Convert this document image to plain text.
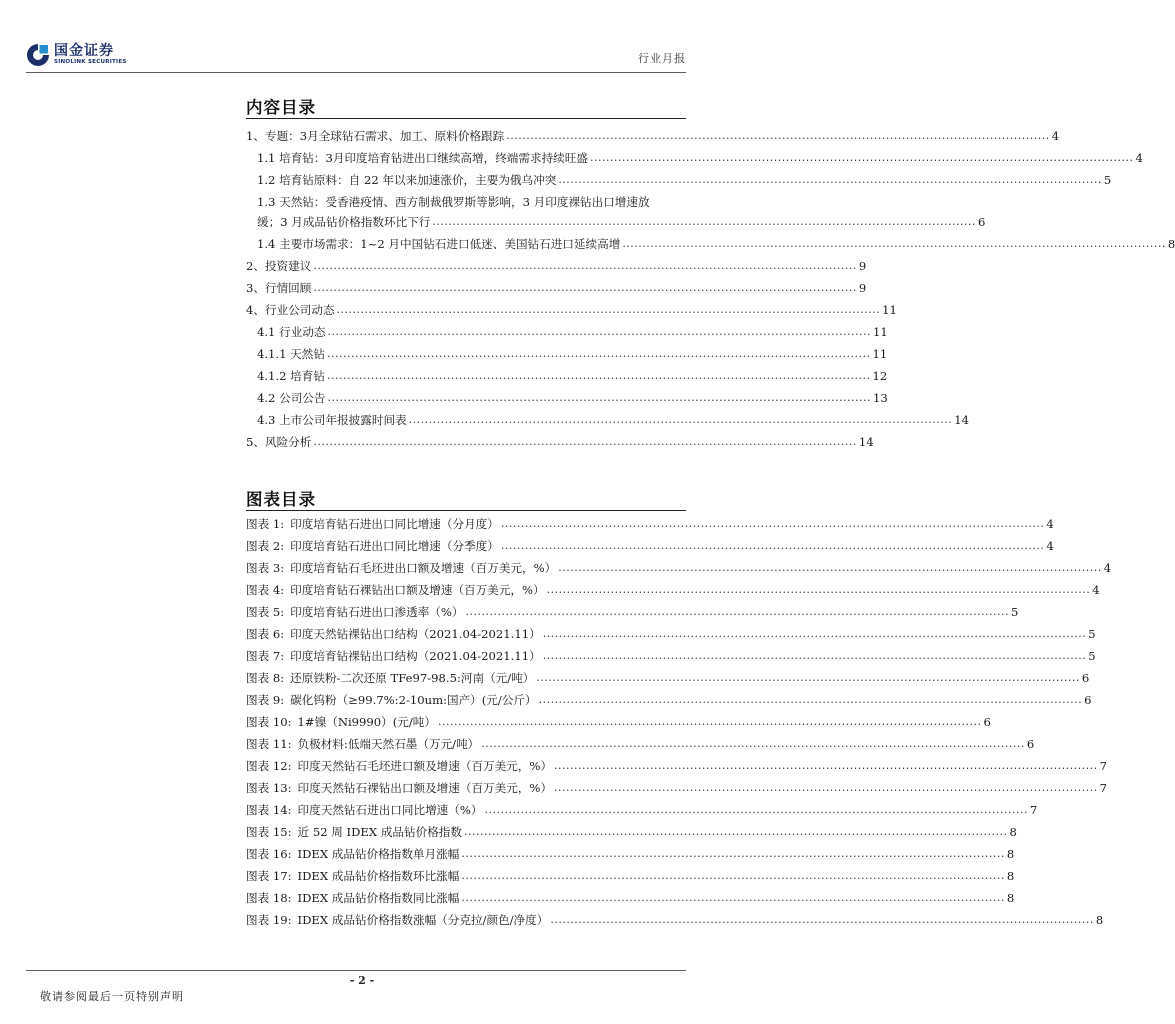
国金证券
SINOLINK SECURITIES	行业月报
内容目录
1、专题：3月全球钻石需求、加工、原料价格跟踪 ........................................................................................................................................ 4
1.1 培育钻：3月印度培育钻进出口继续高增，终端需求持续旺盛 ........................................................................................................................................ 4
1.2 培育钻原料：自 22 年以来加速涨价，主要为俄乌冲突 ........................................................................................................................................ 5
1.3 天然钻：受香港疫情、西方制裁俄罗斯等影响，3 月印度裸钻出口增速放
缓；3 月成品钻价格指数环比下行 ........................................................................................................................................ 6
1.4 主要市场需求：1~2 月中国钻石进口低迷、美国钻石进口延续高增 ........................................................................................................................................ 8
2、投资建议 ........................................................................................................................................ 9
3、行情回顾 ........................................................................................................................................ 9
4、行业公司动态 ........................................................................................................................................ 11
4.1 行业动态 ........................................................................................................................................ 11
4.1.1 天然钻 ........................................................................................................................................ 11
4.1.2 培育钻 ........................................................................................................................................ 12
4.2 公司公告 ........................................................................................................................................ 13
4.3 上市公司年报披露时间表 ........................................................................................................................................ 14
5、风险分析 ........................................................................................................................................ 14
图表目录
图表 1: 印度培育钻石进出口同比增速（分月度） ........................................................................................................................................ 4
图表 2: 印度培育钻石进出口同比增速（分季度） ........................................................................................................................................ 4
图表 3: 印度培育钻石毛坯进出口额及增速（百万美元，%） ........................................................................................................................................ 4
图表 4: 印度培育钻石裸钻出口额及增速（百万美元，%） ........................................................................................................................................ 4
图表 5: 印度培育钻石进出口渗透率（%） ........................................................................................................................................ 5
图表 6: 印度天然钻裸钻出口结构（2021.04-2021.11） ........................................................................................................................................ 5
图表 7: 印度培育钻裸钻出口结构（2021.04-2021.11） ........................................................................................................................................ 5
图表 8: 还原铁粉-二次还原 TFe97-98.5:河南（元/吨） ........................................................................................................................................ 6
图表 9: 碳化钨粉（≥99.7%:2-10um:国产）(元/公斤） ........................................................................................................................................ 6
图表 10: 1#镍（Ni9990）(元/吨） ........................................................................................................................................ 6
图表 11: 负极材料:低端天然石墨（万元/吨） ........................................................................................................................................ 6
图表 12: 印度天然钻石毛坯进口额及增速（百万美元，%） ........................................................................................................................................ 7
图表 13: 印度天然钻石裸钻出口额及增速（百万美元，%） ........................................................................................................................................ 7
图表 14: 印度天然钻石进出口同比增速（%） ........................................................................................................................................ 7
图表 15: 近 52 周 IDEX 成品钻价格指数 ........................................................................................................................................ 8
图表 16: IDEX 成品钻价格指数单月涨幅 ........................................................................................................................................ 8
图表 17: IDEX 成品钻价格指数环比涨幅 ........................................................................................................................................ 8
图表 18: IDEX 成品钻价格指数同比涨幅 ........................................................................................................................................ 8
图表 19: IDEX 成品钻价格指数涨幅（分克拉/颜色/净度） ........................................................................................................................................ 8
- 2 -
敬请参阅最后一页特别声明
